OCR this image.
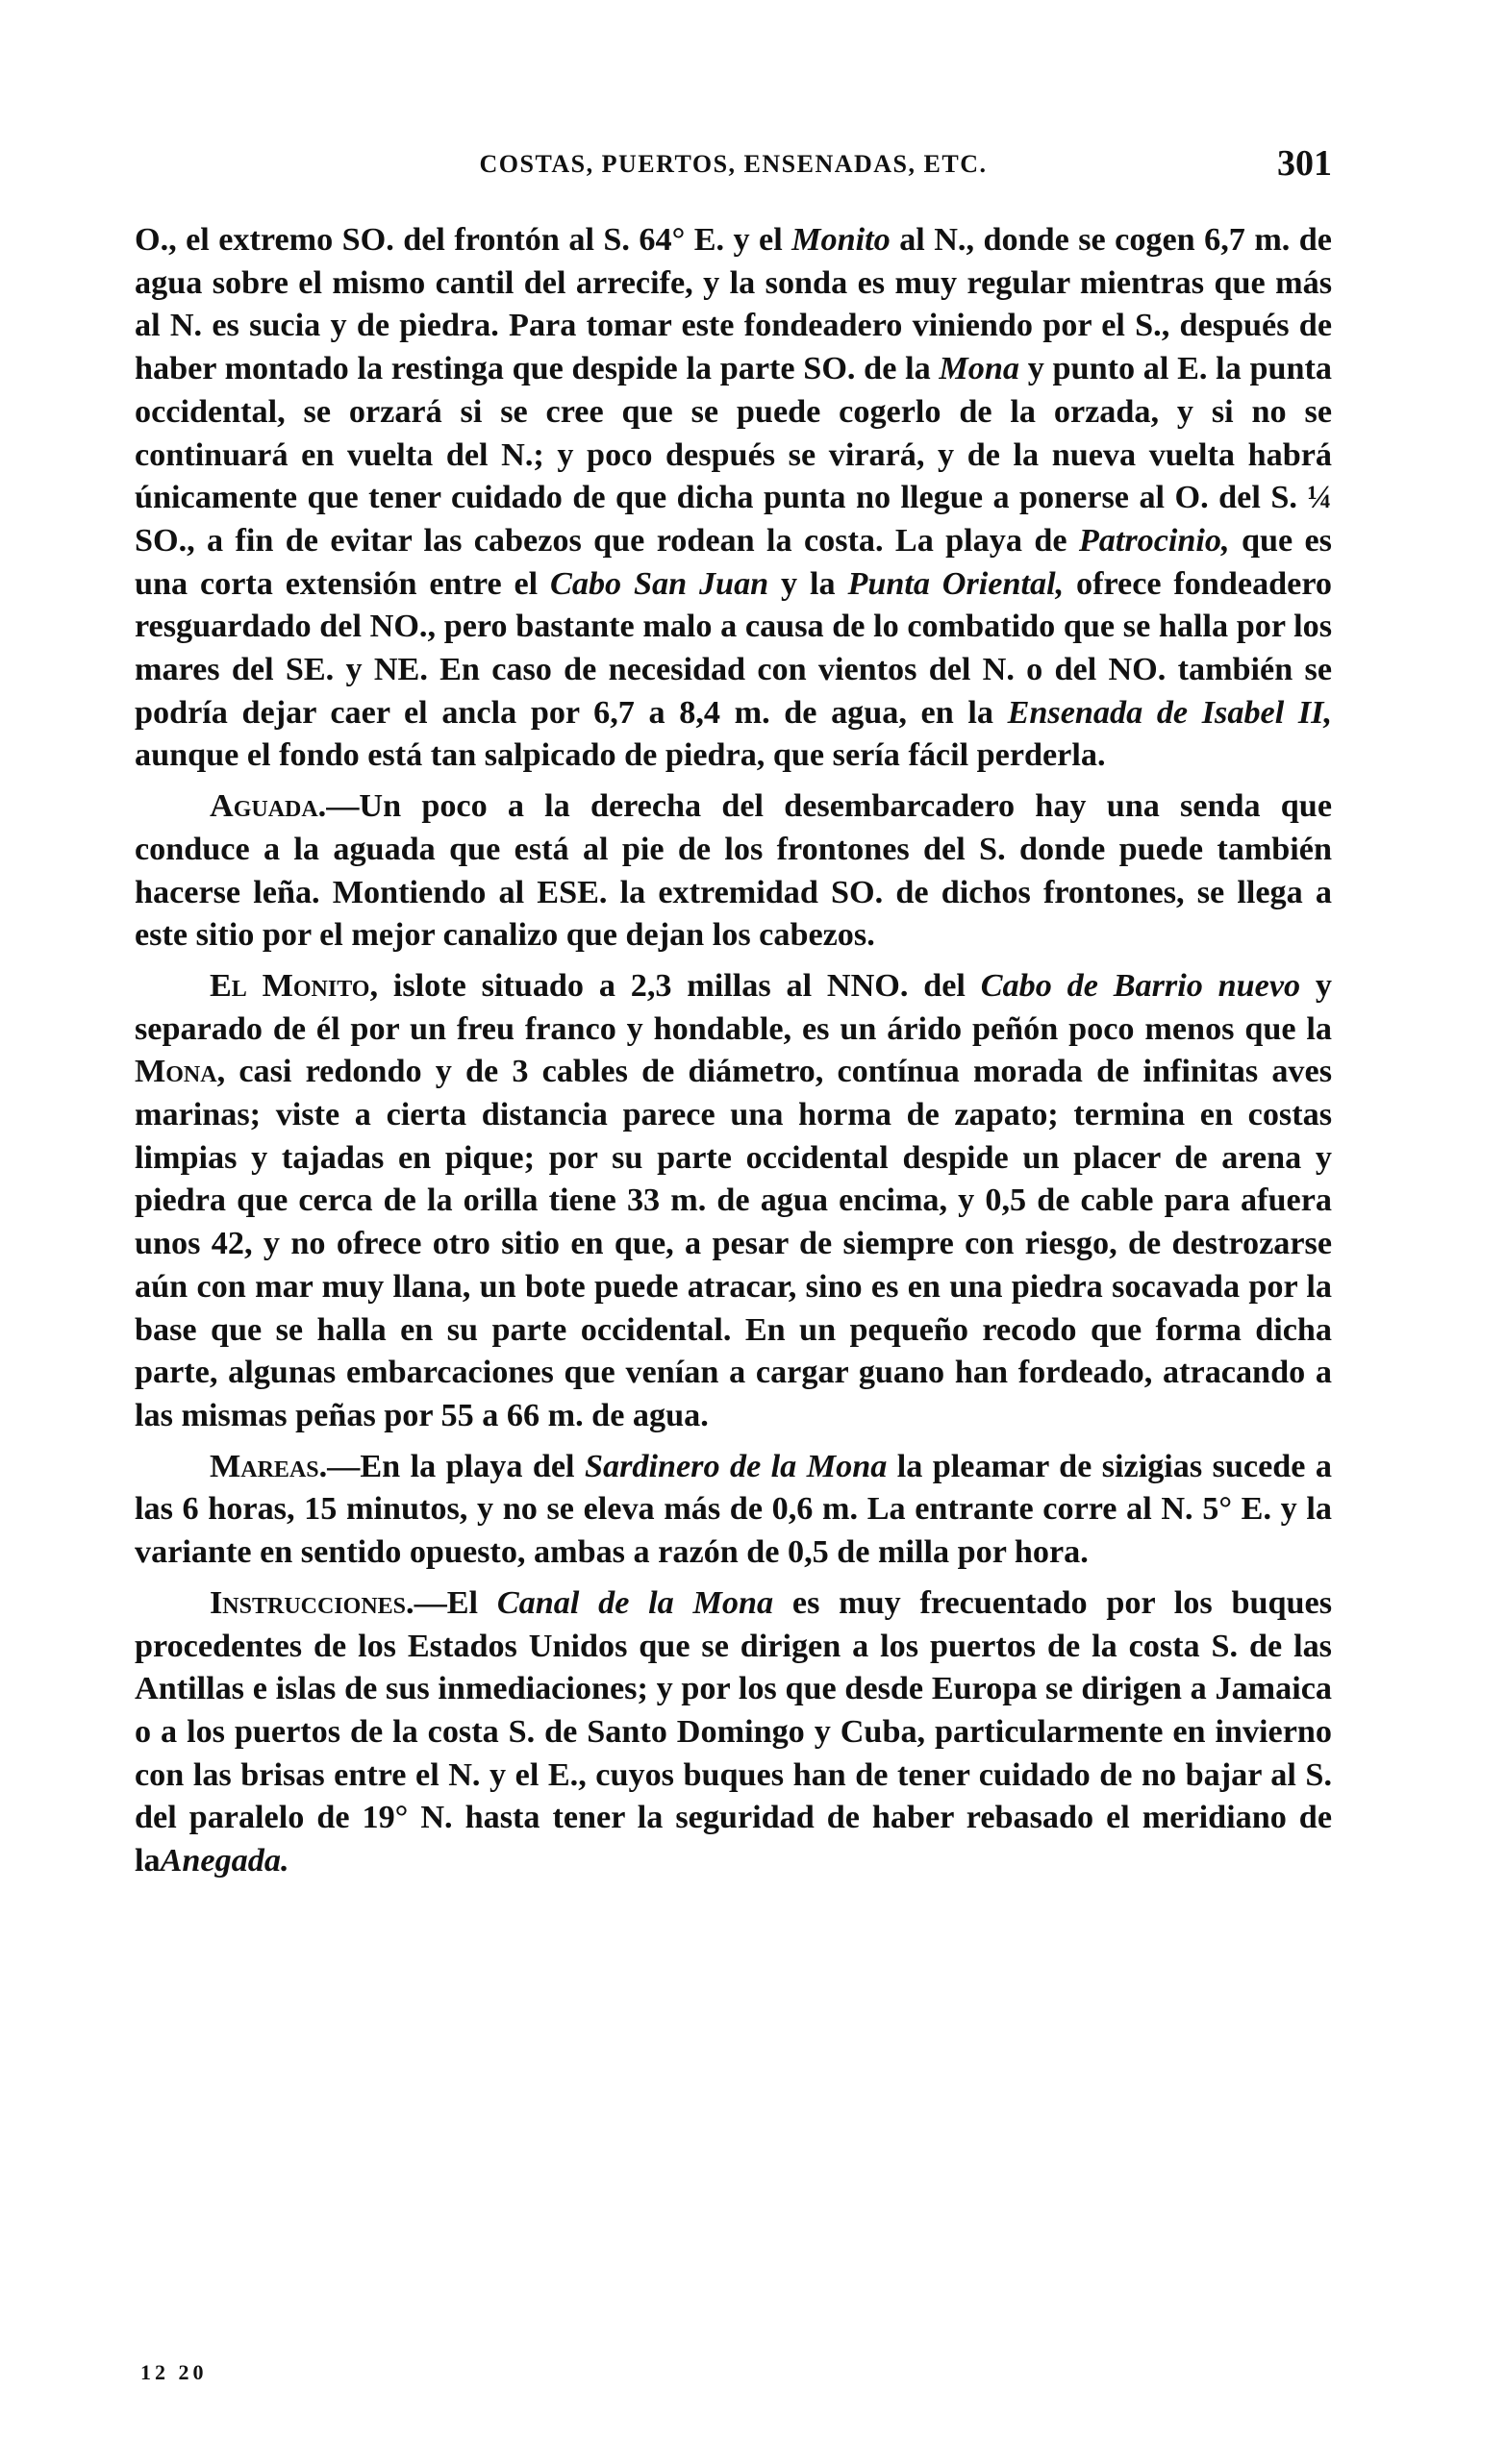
COSTAS, PUERTOS, ENSENADAS, ETC.	301

O., el extremo SO. del frontón al S. 64° E. y el Monito al N., donde se cogen 6,7 m. de agua sobre el mismo cantil del arrecife, y la sonda es muy regular mientras que más al N. es sucia y de piedra. Para tomar este fondeadero viniendo por el S., después de haber montado la restinga que despide la parte SO. de la Mona y punto al E. la punta occidental, se orzará si se cree que se puede cogerlo de la orzada, y si no se continuará en vuelta del N.; y poco después se virará, y de la nueva vuelta habrá únicamente que tener cuidado de que dicha punta no llegue a ponerse al O. del S. ¼ SO., a fin de evitar las cabezos que rodean la costa. La playa de Patrocinio, que es una corta extensión entre el Cabo San Juan y la Punta Oriental, ofrece fondeadero resguardado del NO., pero bastante malo a causa de lo combatido que se halla por los mares del SE. y NE. En caso de necesidad con vientos del N. o del NO. también se podría dejar caer el ancla por 6,7 a 8,4 m. de agua, en la Ensenada de Isabel II, aunque el fondo está tan salpicado de piedra, que sería fácil perderla.

Aguada.—Un poco a la derecha del desembarcadero hay una senda que conduce a la aguada que está al pie de los frontones del S. donde puede también hacerse leña. Montiendo al ESE. la extremidad SO. de dichos frontones, se llega a este sitio por el mejor canalizo que dejan los cabezos.

El Monito, islote situado a 2,3 millas al NNO. del Cabo de Barrio nuevo y separado de él por un freu franco y hondable, es un árido peñón poco menos que la Mona, casi redondo y de 3 cables de diámetro, contínua morada de infinitas aves marinas; viste a cierta distancia parece una horma de zapato; termina en costas limpias y tajadas en pique; por su parte occidental despide un placer de arena y piedra que cerca de la orilla tiene 33 m. de agua encima, y 0,5 de cable para afuera unos 42, y no ofrece otro sitio en que, a pesar de siempre con riesgo, de destrozarse aún con mar muy llana, un bote puede atracar, sino es en una piedra socavada por la base que se halla en su parte occidental. En un pequeño recodo que forma dicha parte, algunas embarcaciones que venían a cargar guano han fordeado, atracando a las mismas peñas por 55 a 66 m. de agua.

Mareas.—En la playa del Sardinero de la Mona la pleamar de sizigias sucede a las 6 horas, 15 minutos, y no se eleva más de 0,6 m. La entrante corre al N. 5° E. y la variante en sentido opuesto, ambas a razón de 0,5 de milla por hora.

Instrucciones.—El Canal de la Mona es muy frecuentado por los buques procedentes de los Estados Unidos que se dirigen a los puertos de la costa S. de las Antillas e islas de sus inmediaciones; y por los que desde Europa se dirigen a Jamaica o a los puertos de la costa S. de Santo Domingo y Cuba, particularmente en invierno con las brisas entre el N. y el E., cuyos buques han de tener cuidado de no bajar al S. del paralelo de 19° N. hasta tener la seguridad de haber rebasado el meridiano de laAnegada.

12 20
